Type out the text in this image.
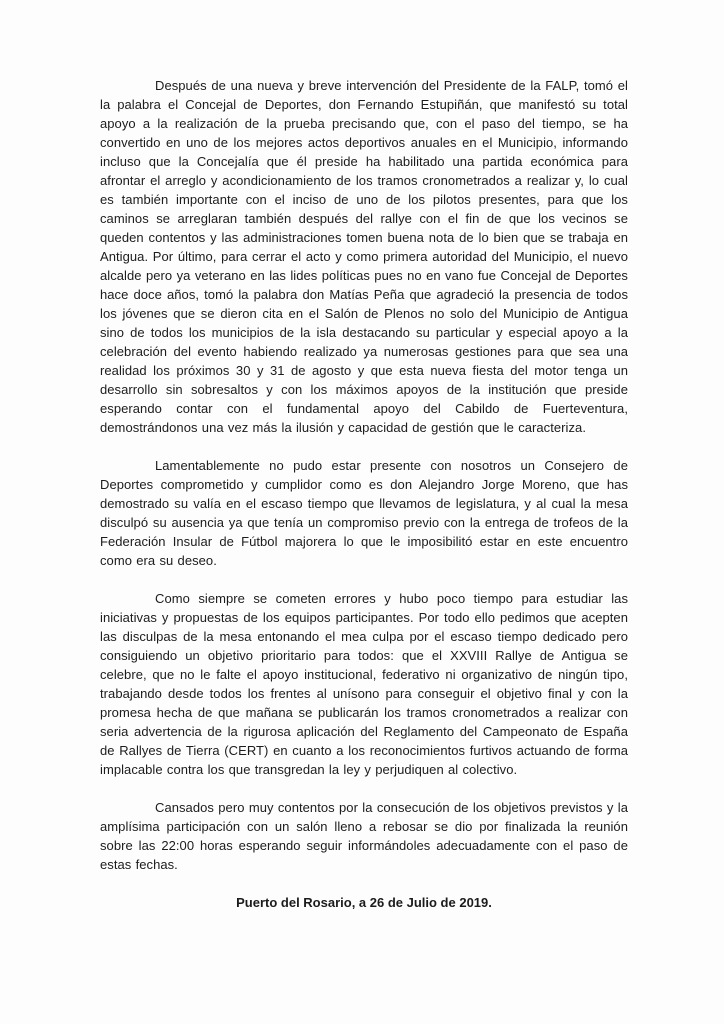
Después de una nueva y breve intervención del Presidente de la FALP, tomó el la palabra el Concejal de Deportes, don Fernando Estupiñán, que manifestó su total apoyo a la realización de la prueba precisando que, con el paso del tiempo, se ha convertido en uno de los mejores actos deportivos anuales en el Municipio, informando incluso que la Concejalía que él preside ha habilitado una partida económica para afrontar el arreglo y acondicionamiento de los tramos cronometrados a realizar y, lo cual es también importante con el inciso de uno de los pilotos presentes, para que los caminos se arreglaran también después del rallye con el fin de que los vecinos se queden contentos y las administraciones tomen buena nota de lo bien que se trabaja en Antigua. Por último, para cerrar el acto y como primera autoridad del Municipio, el nuevo alcalde pero ya veterano en las lides políticas pues no en vano fue Concejal de Deportes hace doce años, tomó la palabra don Matías Peña que agradeció la presencia de todos los jóvenes que se dieron cita en el Salón de Plenos no solo del Municipio de Antigua sino de todos los municipios de la isla destacando su particular y especial apoyo a la celebración del evento habiendo realizado ya numerosas gestiones para que sea una realidad los próximos 30 y 31 de agosto y que esta nueva fiesta del motor tenga un desarrollo sin sobresaltos y con los máximos apoyos de la institución que preside esperando contar con el fundamental apoyo del Cabildo de Fuerteventura, demostrándonos una vez más la ilusión y capacidad de gestión que le caracteriza.

Lamentablemente no pudo estar presente con nosotros un Consejero de Deportes comprometido y cumplidor como es don Alejandro Jorge Moreno, que has demostrado su valía en el escaso tiempo que llevamos de legislatura, y al cual la mesa disculpó su ausencia ya que tenía un compromiso previo con la entrega de trofeos de la Federación Insular de Fútbol majorera lo que le imposibilitó estar en este encuentro como era su deseo.

Como siempre se cometen errores y hubo poco tiempo para estudiar las iniciativas y propuestas de los equipos participantes. Por todo ello pedimos que acepten las disculpas de la mesa entonando el mea culpa por el escaso tiempo dedicado pero consiguiendo un objetivo prioritario para todos: que el XXVIII Rallye de Antigua se celebre, que no le falte el apoyo institucional, federativo ni organizativo de ningún tipo, trabajando desde todos los frentes al unísono para conseguir el objetivo final y con la promesa hecha de que mañana se publicarán los tramos cronometrados a realizar con seria advertencia de la rigurosa aplicación del Reglamento del Campeonato de España de Rallyes de Tierra (CERT) en cuanto a los reconocimientos furtivos actuando de forma implacable contra los que transgredan la ley y perjudiquen al colectivo.

Cansados pero muy contentos por la consecución de los objetivos previstos y la amplísima participación con un salón lleno a rebosar se dio por finalizada la reunión sobre las 22:00 horas esperando seguir informándoles adecuadamente con el paso de estas fechas.

Puerto del Rosario, a 26 de Julio de 2019.
